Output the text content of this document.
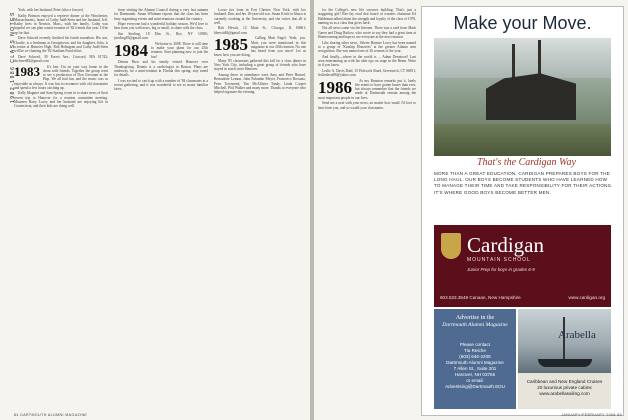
1982-1986 CLASS NOTES

York, with her husband, Peter (also a lawyer).

Kathy Brinson enjoyed a reprieve dinner at the Winchester, Massachusetts, home of Cathy Judd-Stein and her husband, Jeff. Kathy lives in Newton, Mass., with her family. Cathy was hopeful we can plan a mini-reunion of '82 friends this year. I'd be up for that.

Dave Schwed recently finished his fourth marathon. His son, Charlie, is a freshman at Georgetown, and his daughter, Julia, is a senior at Hanover High. Rob Holmgren and Cathy Judd-Stein will be co-chairing the '82 Stadium Fund effort.

Dave Schwed, 39 Forest Ave., Concord, MA 01742; dschwed82@gmail.com

1983	It's late. I'm on your way home in the dorm with friends. Together the group went to see a production of Don Giovanni at the Hop. We all had fun, and the music was as enjoyable as always. It was fun to reconnect with old classmates and spend a few hours catching up.

Kelly Maguire and Sam Spring wrote in to share news of their recent trip to Hanover for a reunion committee meeting. Maureen Barry Lacey and her husband are enjoying life in Connecticut, and their kids are doing well.

from visiting the Alumni Council during a very fast autumn for Dartmouth. Susan Whitman reports that the class has been busy organizing events and mini-reunions around the country.

Hope everyone had a wonderful holiday season. We'd love to hear from you with news, big or small, to share with the class.

Jim Sterling, 18 Elm St., Rye, NY 10580; jsterling83@gmail.com

1984	Welcome to 2008. There is still time to make your plans for our 25th reunion. Start planning now to join the fun!

Dennis Huss and his family visited Hanover over Thanksgiving. Dennis is a cardiologist in Boston. Plans are underway for a mini-reunion in Florida this spring; stay tuned for details.

I was excited to catch up with a number of '84 classmates at a recent gathering, and it was wonderful to see so many familiar faces.

Loose ties from in Fort Chester, New York, with her husband, Dan, and her 16-year-old son. Susan Kirch in Ithaca is currently working at the University, and she writes that all is well.

Bob Hewitt, 12 Main St., Chicago, IL 60601; bhewitt84@gmail.com

1985	Calling Matt Engel. Yeah, you. Matt, you were mentioned in this magazine at our 20th reunion. No one has heard from you since! Let us know how you are doing.

Many '85 classmates gathered this fall for a class dinner in New York City, including a great group of friends who have stayed in touch since Hanover.

Among those in attendance were Amy and Peter Hartsel, Bernadette Lemon, John Palumbo Meyer, Francesco Rossano, Peter Townsend, Tim McAllister Tandy, Linda Cooper Mitchell, Phil Walker and many more. Thanks to everyone who helped organize the evening.

84 DARTMOUTH ALUMNI MAGAZINE

for the College's new life sciences building. That's just a staggering gift! Bee-Jay read that board of trustees chairman Ed Haldeman talked about the strength and loyalty of the class of 1978, naming us as a class that gives back.

Not all news came via the Internet. There was a card from Mark Garen and Doug Rutlow, who wrote to say they had a great time at Homecoming and hope to see everyone at the next reunion.

Like sharing other news, Valerie Harmer Lowy has been named to a group of 'Kinship Honorees' at the greater Atlanta area recognition. She was named one of 26 women of the year.

And finally—where in the world is ... Adam Dennison? Last seen entertaining us with his alter ego on stage in the Bema. Write in if you know.

Leslie A. Davis Dahl, 15 Pickwick Road, Greenwich, CT 06831; lesliedavis86@yahoo.com

1986	As my Reunion remarks put it, lately life seems to have gotten busier than ever, but always remember that the friends we made at Dartmouth remain among the most important people in our lives.

Send me a note with your news, no matter how small. I'd love to hear from you, and so would your classmates.

Make your Move.
That's the Cardigan Way
MORE THAN A GREAT EDUCATION, CARDIGAN PREPARES BOYS FOR THE LONG HAUL. OUR BOYS BECOME STUDENTS WHO HAVE LEARNED HOW TO MANAGE THEIR TIME AND TAKE RESPONSIBILITY FOR THEIR ACTIONS. IT'S WHERE GOOD BOYS BECOME BETTER MEN.
Cardigan
MOUNTAIN SCHOOL
Junior Prep for boys in grades 6-9
603.523.3548 Canaan, New Hampshire	www.cardigan.org
Advertise in the
Dartmouth Alumni Magazine
Please contact
Tia Reiche
(603) 646-2208
Dartmouth Alumni Magazine
7 Allen St., Suite 201
Hanover, NH 03755
or email:
Advertising@Dartmouth.EDU
Arabella
Caribbean and New England Cruises
20 luxurious private cabins
www.arabellasailing.com
JANUARY/FEBRUARY 2008 85
